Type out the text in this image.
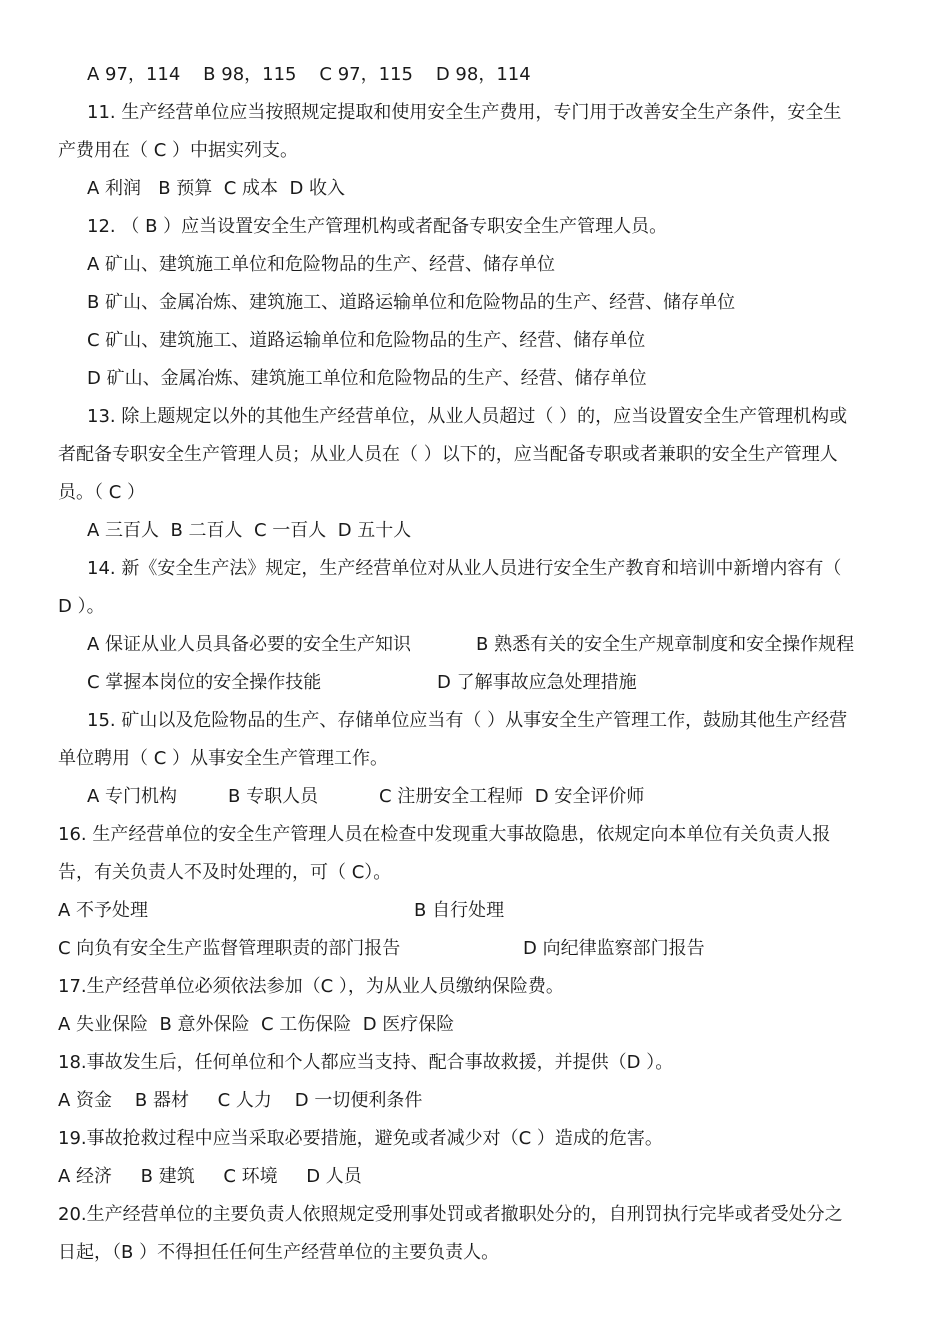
A 97，114    B 98，115    C 97，115    D 98，114
11. 生产经营单位应当按照规定提取和使用安全生产费用，专门用于改善安全生产条件，安全生
产费用在（ C ）中据实列支。
A 利润   B 预算  C 成本  D 收入
12. （ B ）应当设置安全生产管理机构或者配备专职安全生产管理人员。
A 矿山、建筑施工单位和危险物品的生产、经营、储存单位
B 矿山、金属冶炼、建筑施工、道路运输单位和危险物品的生产、经营、储存单位
C 矿山、建筑施工、道路运输单位和危险物品的生产、经营、储存单位
D 矿山、金属冶炼、建筑施工单位和危险物品的生产、经营、储存单位
13. 除上题规定以外的其他生产经营单位，从业人员超过（ ）的，应当设置安全生产管理机构或
者配备专职安全生产管理人员；从业人员在（ ）以下的，应当配备专职或者兼职的安全生产管理人
员。（ C ）
A 三百人  B 二百人  C 一百人  D 五十人
14. 新《安全生产法》规定，生产经营单位对从业人员进行安全生产教育和培训中新增内容有（
D ）。
A 保证从业人员具备必要的安全生产知识	B 熟悉有关的安全生产规章制度和安全操作规程
C 掌握本岗位的安全操作技能	D 了解事故应急处理措施
15. 矿山以及危险物品的生产、存储单位应当有（ ）从事安全生产管理工作，鼓励其他生产经营
单位聘用（ C ）从事安全生产管理工作。
A 专门机构	B 专职人员	C 注册安全工程师  D 安全评价师
16. 生产经营单位的安全生产管理人员在检查中发现重大事故隐患，依规定向本单位有关负责人报
告，有关负责人不及时处理的，可（ C）。
A 不予处理	B 自行处理
C 向负有安全生产监督管理职责的部门报告	D 向纪律监察部门报告
17.生产经营单位必须依法参加（C ），为从业人员缴纳保险费。
A 失业保险  B 意外保险  C 工伤保险  D 医疗保险
18.事故发生后，任何单位和个人都应当支持、配合事故救援，并提供（D ）。
A 资金    B 器材     C 人力    D 一切便利条件
19.事故抢救过程中应当采取必要措施，避免或者减少对（C ）造成的危害。
A 经济     B 建筑     C 环境     D 人员
20.生产经营单位的主要负责人依照规定受刑事处罚或者撤职处分的，自刑罚执行完毕或者受处分之
日起，（B ）不得担任任何生产经营单位的主要负责人。
